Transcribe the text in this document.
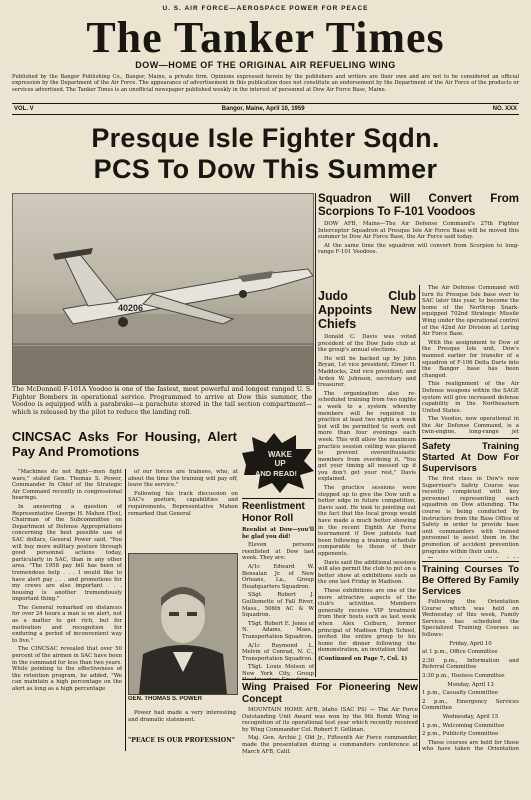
U. S. AIR FORCE—AEROSPACE POWER FOR PEACE
The Tanker Times
DOW—HOME OF THE ORIGINAL AIR REFUELING WING
Published by the Bangor Publishing Co., Bangor, Maine, a private firm. Opinions expressed herein by the publishers and writers are their own and are not to be considered an official expression by the Department of the Air Force. The appearance of advertisement in this publication does not constitute an endorsement by the Department of the Air Force of the products or services advertised. The Tanker Times is an unofficial newspaper published weekly in the interest of personnel at Dow Air Force Base, Maine.
VOL. V	Bangor, Maine, April 10, 1959	NO. XXX
Presque Isle Fighter Sqdn.
PCS To Dow This Summer
40206
The McDonnell F-101A Voodoo is one of the fastest, most powerful and longest ranged U. S. Fighter Bombers in operational service. Programmed to arrive at Dow this summer, the Voodoo is equipped with a parabrake—a parachute stored in the tail section compartment—which is released by the pilot to reduce the landing roll.
Squadron Will Convert From Scorpions To F-101 Voodoos

DOW AFB, Maine—The Air Defense Command's 27th Fighter Interceptor Squadron at Presque Isle Air Force Base will be moved this summer to Dow Air Force Base, the Air Force said today.

At the same time the squadron will convert from Scorpion to long-range F-101 Voodoos.

Judo Club Appoints New Chiefs

Donald C. Davis was voted president of the Dow Judo club at the group's annual elections.

He will be backed up by John Bryan, 1st vice president; Elmer H. Maddocks, 2nd vice president; and Arden W. Johnson, secretary and treasurer.

The organization also re-scheduled training from two nights a week to a system whereby members will be required to practice at least two nights a week but will be permitted to work out more than four evenings each week. This will allow the maximum practice session ceiling was placed to prevent overenthusiastic members from overdoing it. "You get your timing all messed up if you don't get your rest," Davis explained.

The practice sessions were stepped up to give the Dow unit a better edge in future competition, Davis said. He took to pointing out the fact that the local group would have made a much better showing in the recent Eighth Air Force tournament if Dow judoists had been following a training schedule comparable to those of their opponents.

Davis said the additional sessions will also permit the club to put on a better show at exhibitions such as the one last Friday in Madison.

These exhibitions are one of the more attractive aspects of the club's activities. Members generally receive VIP treatment from their hosts such as last week when Alex Colburn, former principal of Madison High School, invited the entire group to his home for dinner following the demonstration, an invitation that

(Continued on Page 7, Col. 1)

The Air Defense Command will turn its Presque Isle base over to SAC later this year, to become the home of the Northrop Snark-equipped 702nd Strategic Missile Wing under the operational control of the 42nd Air Division at Loring Air Force Base.

With the assignment to Dow of the Presque Isle unit, Dow's manned earlier for transfer of a squadron of F-106 Delta Darts into the Bangor base has been changed.

This realignment of the Air Defense weapons within the SAGE system will give increased defense capability in the Northeastern United States.

The Voodoo, now operational in the Air Defense Command, is a twin-engine, long-range jet

Safety Training Started At Dow For Supervisors

The first class in Dow's new Supervisor's Safety Course was recently completed with key personnel representing each squadron on Dow attending. The course is being conducted by instructors from the Base Office of Safety in order to provide base unit commanders with trained personnel to assist them in the promotion of accident prevention programs within their units.

Training Courses To Be Offered By Family Services

Following the Orientation Course which was held on Wednesday of this week, Family Services has scheduled the Specialized Training Courses as follows:

Friday, April 10

at 1 p.m., Office Committee

2:30 p.m., Information and Referral Committee

3:30 p.m., Hostess Committee

Monday, April 13

1 p.m., Casualty Committee

2 p.m., Emergency Services Committee

Wednesday, April 15

1 p.m., Welcoming Committee

2 p.m., Publicity Committee

These courses are held for those who have taken the Orientation

CINCSAC Asks For Housing, Alert Pay And Promotions

"Machines do not fight—men fight wars," stated Gen. Thomas S. Power, Commander In Chief of the Strategic Air Command recently in congressional hearings.

In answering a question of Representative George H. Mahon (Tex), Chairman of the Subcommittee on Department of Defense Appropriations concerning the best possible use of SAC dollars, General Power said, "You will buy more military posture through good personnel actions today, particularly in SAC, than in any other area. "The 1958 pay bill has been of tremendous help . . . I would like to have alert pay . . . and promotions for my crews are also important . . . housing is another tremendously important thing."

The General remarked on distances for over 24 hours a man is on alert, not as a matter to get rich, but for motivation and recognition for enduring a period of inconvenient way to live."

The CINCSAC revealed that over 50 percent of the airmen in SAC have been in the command for less than two years. While pointing to the effectiveness of the retention program, he added, "We can maintain a high percentage on the alert as long as a high percentage

of our forces are trainees, who, at about the time the training will pay off, leave the service."

Following his track discussion on SAC's posture, capabilities and requirements, Representative Mahon remarked that General

WAKE
UP
AND READ!
GEN. THOMAS S. POWER

Power had made a very interesting and dramatic statement.

"PEACE IS OUR PROFESSION"
Reenlistment Honor Roll

Reenlist at Dow—you'll be glad you did!

Eleven persons reenlisted at Dow last week. They are:

A/1c Edward W. Bensalan Jr. of New Orleans, La., Group Headquarters Squadron.

SSgt. Robert J. Guillemette of Fall River, Mass., 506th AC & W Squadron.

TSgt. Robert E. Jones of N. Adams, Mass., Transportation Squadron.

A/1c Raymond L. Melvin of Conrad, N. C., Transportation Squadron.

TSgt. Louis Molson of New York City, Group

Wing Praised For Pioneering New Concept

MOUNTAIN HOME AFB, Idaho (SAC PS) — The Air Force Outstanding Unit Award was won by the 9th Bomb Wing in recognition of its operational test year which recently received by Wing Commander Col. Robert F. Gellinan.

Maj. Gen. Archie J. Old Jr., Fifteenth Air Force commander, made the presentation during a commanders conference at March AFB, Calif.
